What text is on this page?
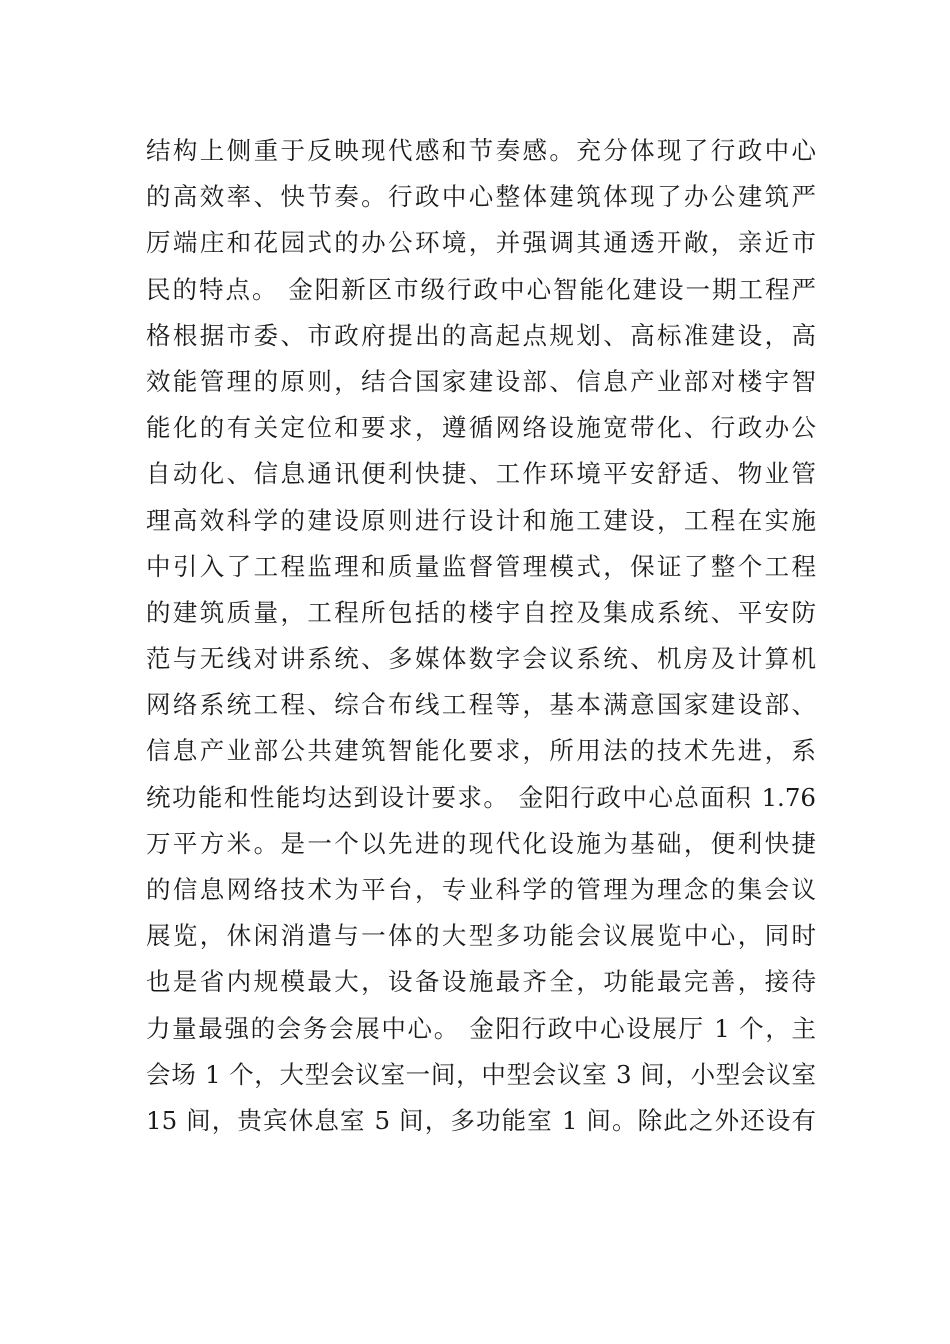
结构上侧重于反映现代感和节奏感。充分体现了行政中心
的高效率、快节奏。行政中心整体建筑体现了办公建筑严
厉端庄和花园式的办公环境，并强调其通透开敞，亲近市
民的特点。 金阳新区市级行政中心智能化建设一期工程严
格根据市委、市政府提出的高起点规划、高标准建设，高
效能管理的原则，结合国家建设部、信息产业部对楼宇智
能化的有关定位和要求，遵循网络设施宽带化、行政办公
自动化、信息通讯便利快捷、工作环境平安舒适、物业管
理高效科学的建设原则进行设计和施工建设，工程在实施
中引入了工程监理和质量监督管理模式，保证了整个工程
的建筑质量，工程所包括的楼宇自控及集成系统、平安防
范与无线对讲系统、多媒体数字会议系统、机房及计算机
网络系统工程、综合布线工程等，基本满意国家建设部、
信息产业部公共建筑智能化要求，所用法的技术先进，系
统功能和性能均达到设计要求。 金阳行政中心总面积 1.76
万平方米。是一个以先进的现代化设施为基础，便利快捷
的信息网络技术为平台，专业科学的管理为理念的集会议
展览，休闲消遣与一体的大型多功能会议展览中心，同时
也是省内规模最大，设备设施最齐全，功能最完善，接待
力量最强的会务会展中心。 金阳行政中心设展厅 1 个，主
会场 1 个，大型会议室一间，中型会议室 3 间，小型会议室
15 间，贵宾休息室 5 间，多功能室 1 间。除此之外还设有
